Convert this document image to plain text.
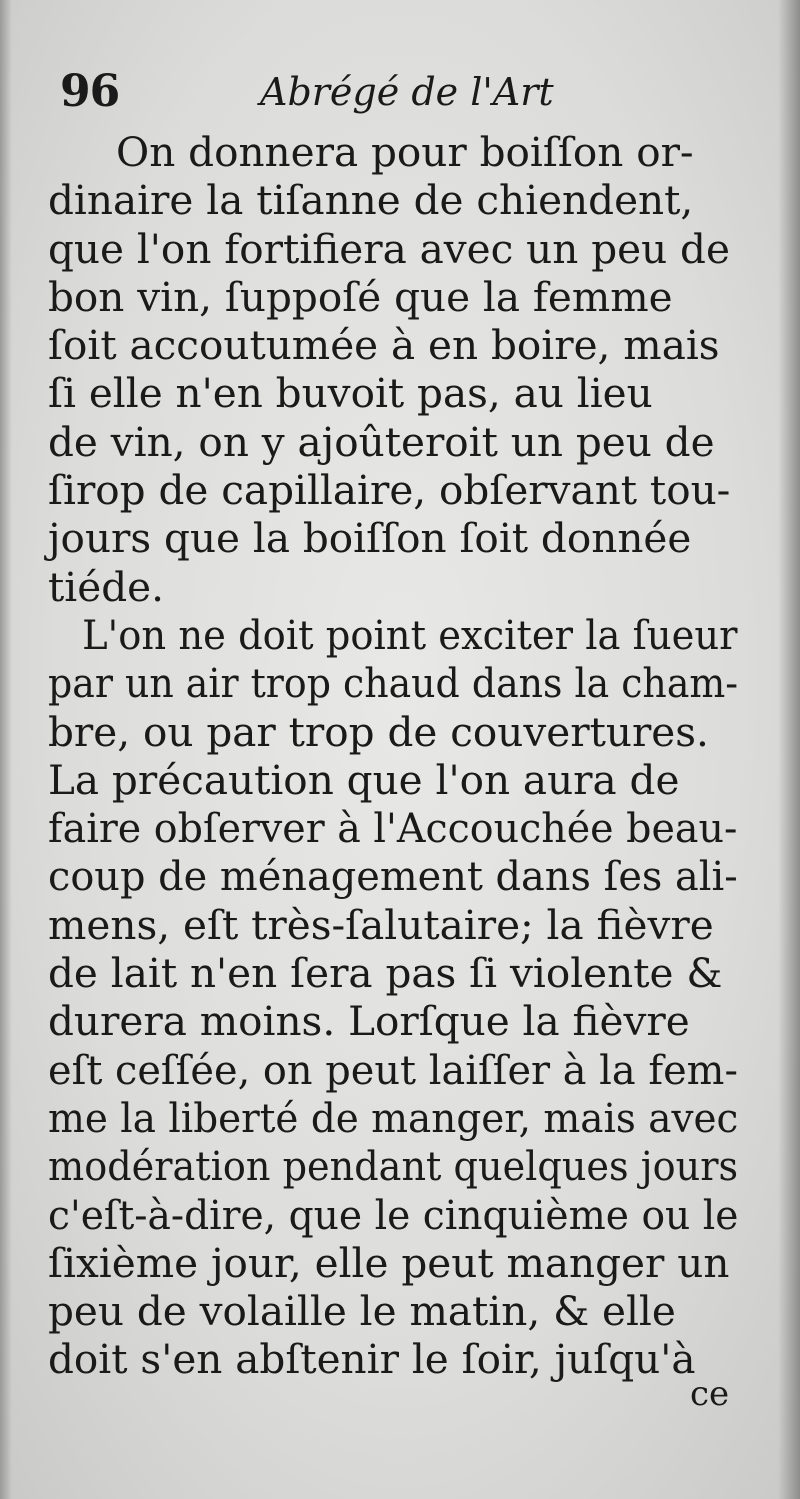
96	Abrégé de l'Art
On donnera pour boiſſon or-
dinaire la tiſanne de chiendent,
que l'on fortifiera avec un peu de
bon vin, ſuppoſé que la femme
ſoit accoutumée à en boire, mais
ſi elle n'en buvoit pas, au lieu
de vin, on y ajoûteroit un peu de
ſirop de capillaire, obſervant tou-
jours que la boiſſon ſoit donnée
tiéde.
L'on ne doit point exciter la ſueur
par un air trop chaud dans la cham-
bre, ou par trop de couvertures.
La précaution que l'on aura de
faire obſerver à l'Accouchée beau-
coup de ménagement dans ſes ali-
mens, eſt très-ſalutaire; la fièvre
de lait n'en ſera pas ſi violente &
durera moins. Lorſque la fièvre
eſt ceſſée, on peut laiſſer à la fem-
me la liberté de manger, mais avec
modération pendant quelques jours
c'eſt-à-dire, que le cinquième ou le
ſixième jour, elle peut manger un
peu de volaille le matin, & elle
doit s'en abſtenir le ſoir, juſqu'à
ce
